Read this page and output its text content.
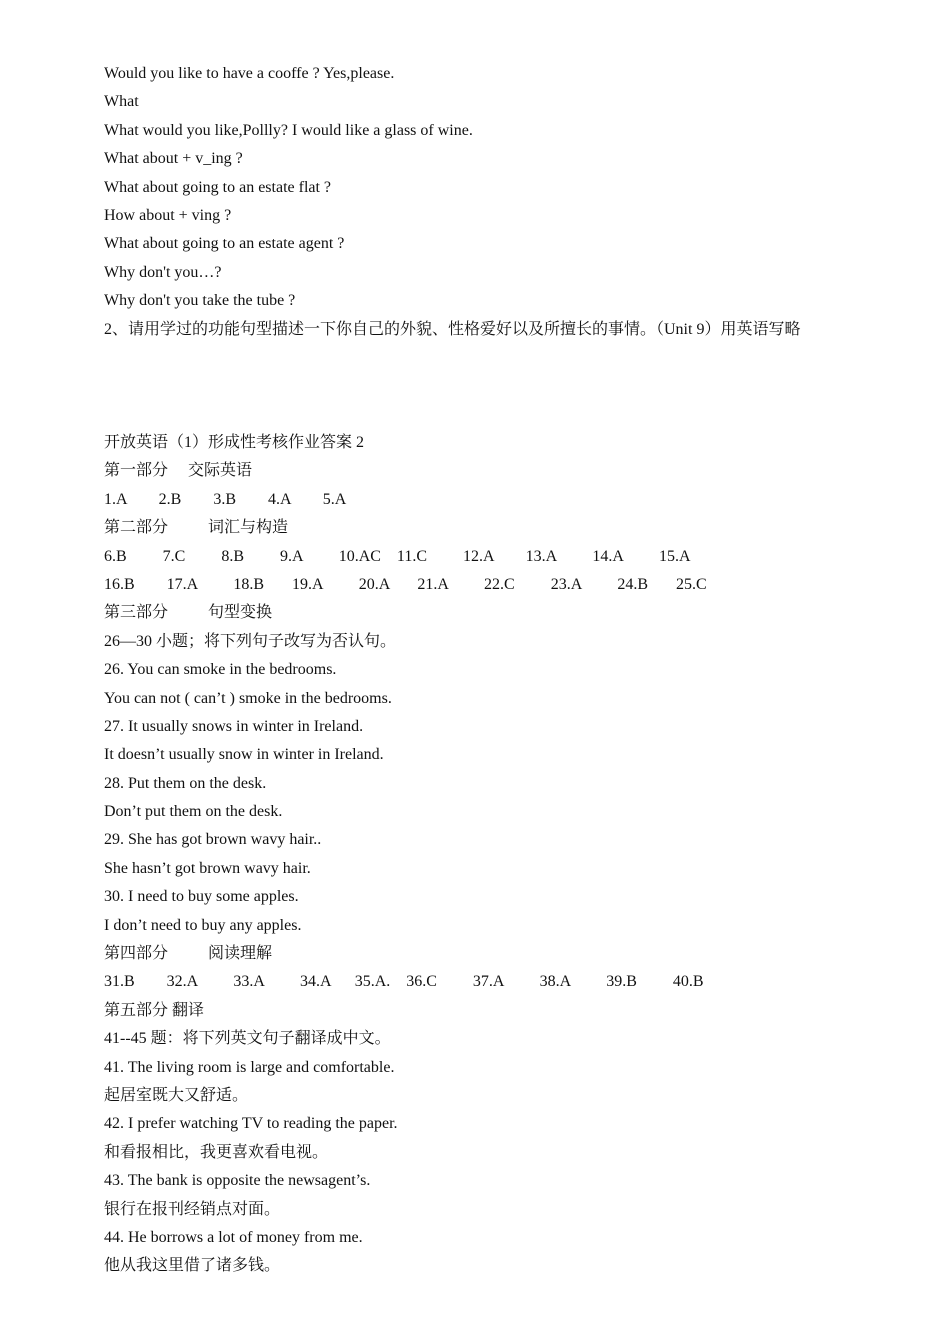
Would you like to have a cooffe ? Yes,please.
What
What would you like,Pollly? I would like a glass of wine.
What about + v_ing ?
What about going to an estate flat ?
How about + ving ?
What about going to an estate agent ?
Why don't you…?
Why don't you take the tube ?
2、请用学过的功能句型描述一下你自己的外貌、性格爱好以及所擅长的事情。（Unit 9）用英语写略
开放英语（1）形成性考核作业答案 2
第一部分     交际英语
1.A        2.B        3.B        4.A        5.A
第二部分          词汇与构造
6.B         7.C         8.B         9.A         10.AC    11.C         12.A        13.A         14.A         15.A
16.B        17.A         18.B       19.A         20.A       21.A         22.C         23.A         24.B       25.C
第三部分          句型变换
26—30 小题；将下列句子改写为否认句。
26. You can smoke in the bedrooms.
You can not ( can’t ) smoke in the bedrooms.
27. It usually snows in winter in Ireland.
It doesn’t usually snow in winter in Ireland.
28. Put them on the desk.
Don’t put them on the desk.
29. She has got brown wavy hair..
She hasn’t got brown wavy hair.
30. I need to buy some apples.
I don’t need to buy any apples.
第四部分          阅读理解
31.B        32.A         33.A         34.A      35.A.    36.C         37.A         38.A         39.B         40.B
第五部分 翻译
41--45 题：将下列英文句子翻译成中文。
41. The living room is large and comfortable.
起居室既大又舒适。
42. I prefer watching TV to reading the paper.
和看报相比，我更喜欢看电视。
43. The bank is opposite the newsagent’s.
银行在报刊经销点对面。
44. He borrows a lot of money from me.
他从我这里借了诸多钱。
